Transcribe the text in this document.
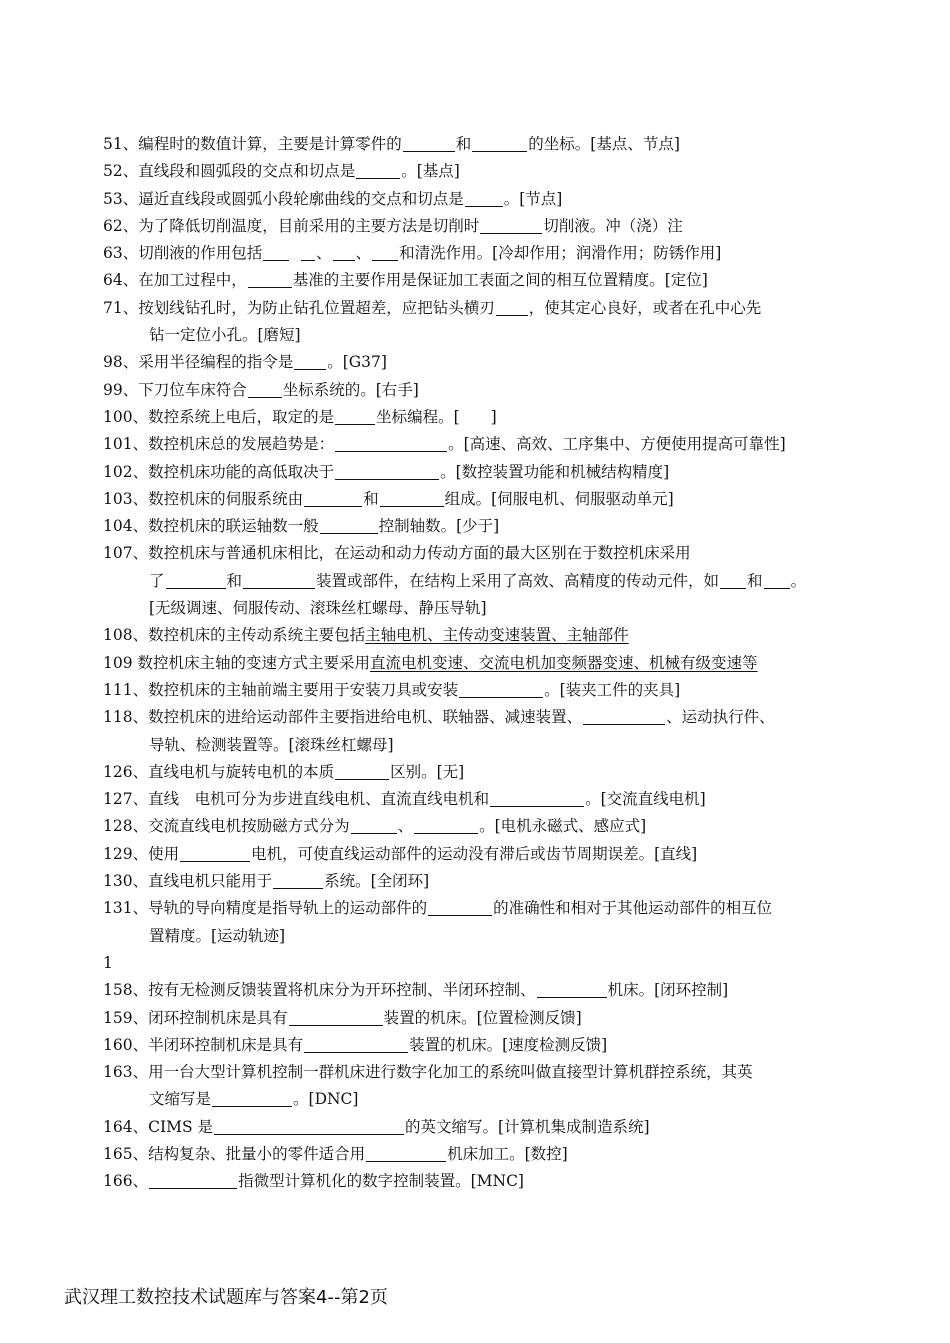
51、编程时的数值计算，主要是计算零件的	和	的坐标。[基点、节点]
52、直线段和圆弧段的交点和切点是	。[基点]
53、逼近直线段或圆弧小段轮廓曲线的交点和切点是	。[节点]
62、为了降低切削温度，目前采用的主要方法是切削时	切削液。冲（浇）注
63、切削液的作用包括	、 、 和清洗作用。[冷却作用；润滑作用；防锈作用]
64、在加工过程中，	基准的主要作用是保证加工表面之间的相互位置精度。[定位]
71、按划线钻孔时，为防止钻孔位置超差，应把钻头横刃 ，使其定心良好，或者在孔中心先
钻一定位小孔。[磨短]
98、采用半径编程的指令是 。[G37]
99、下刀位车床符合 坐标系统的。[右手]
100、数控系统上电后，取定的是	坐标编程。[　　]
101、数控机床总的发展趋势是：	。[高速、高效、工序集中、方便使用提高可靠性]
102、数控机床功能的高低取决于	。[数控装置功能和机械结构精度]
103、数控机床的伺服系统由	和	组成。[伺服电机、伺服驱动单元]
104、数控机床的联运轴数一般	控制轴数。[少于]
107、数控机床与普通机床相比，在运动和动力传动方面的最大区别在于数控机床采用
了	和	装置或部件，在结构上采用了高效、高精度的传动元件，如 和 。
[无级调速、伺服传动、滚珠丝杠螺母、静压导轨]
108、数控机床的主传动系统主要包括主轴电机、主传动变速装置、主轴部件
109 数控机床主轴的变速方式主要采用直流电机变速、交流电机加变频器变速、机械有级变速等
111、数控机床的主轴前端主要用于安装刀具或安装	。[装夹工件的夹具]
118、数控机床的进给运动部件主要指进给电机、联轴器、减速装置、	、运动执行件、
导轨、检测装置等。[滚珠丝杠螺母]
126、直线电机与旋转电机的本质	区别。[无]
127、直线　电机可分为步进直线电机、直流直线电机和	。[交流直线电机]
128、交流直线电机按励磁方式分为	、	。[电机永磁式、感应式]
129、使用	电机，可使直线运动部件的运动没有滞后或齿节周期误差。[直线]
130、直线电机只能用于	系统。[全闭环]
131、导轨的导向精度是指导轨上的运动部件的	的准确性和相对于其他运动部件的相互位
置精度。[运动轨迹]
1
158、按有无检测反馈装置将机床分为开环控制、半闭环控制、	机床。[闭环控制]
159、闭环控制机床是具有	装置的机床。[位置检测反馈]
160、半闭环控制机床是具有	装置的机床。[速度检测反馈]
163、用一台大型计算机控制一群机床进行数字化加工的系统叫做直接型计算机群控系统，其英
文缩写是	。[DNC]
164、CIMS 是	的英文缩写。[计算机集成制造系统]
165、结构复杂、批量小的零件适合用	机床加工。[数控]
166、	指微型计算机化的数字控制装置。[MNC]
武汉理工数控技术试题库与答案4--第2页
